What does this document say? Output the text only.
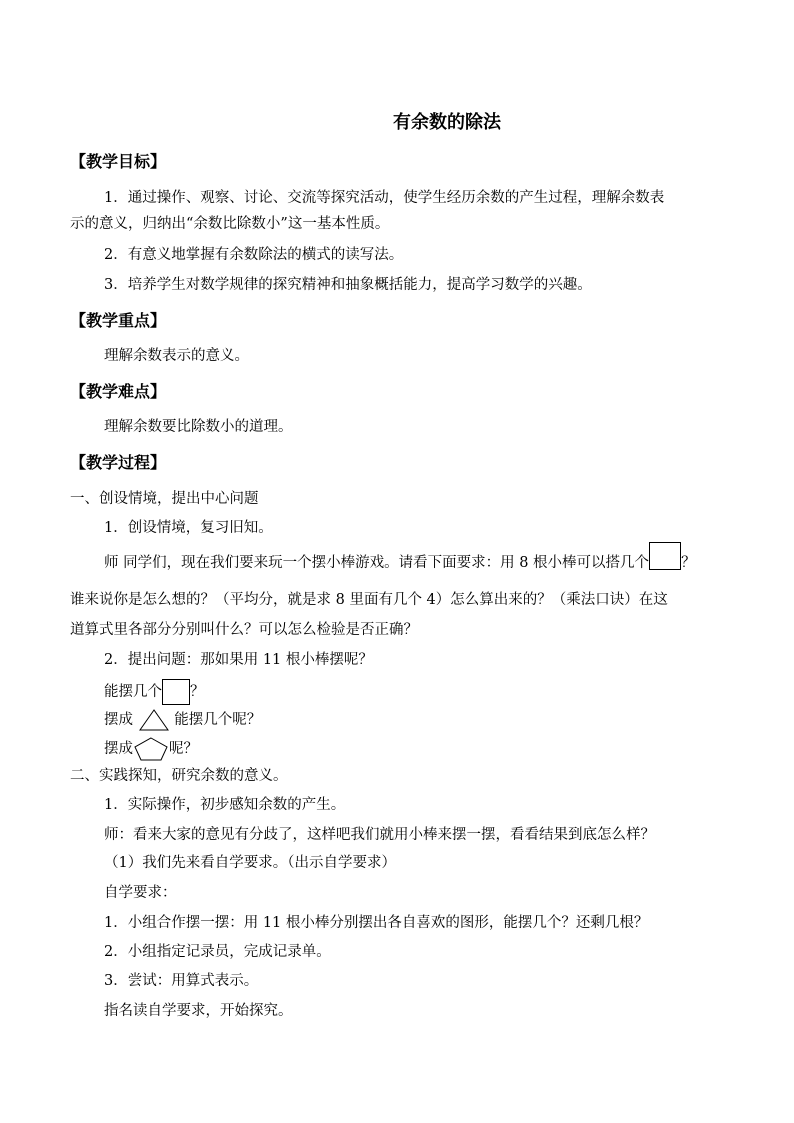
有余数的除法
【教学目标】
1．通过操作、观察、讨论、交流等探究活动，使学生经历余数的产生过程，理解余数表
示的意义，归纳出“余数比除数小”这一基本性质。
2．有意义地掌握有余数除法的横式的读写法。
3．培养学生对数学规律的探究精神和抽象概括能力，提高学习数学的兴趣。
【教学重点】
理解余数表示的意义。
【教学难点】
理解余数要比除数小的道理。
【教学过程】
一、创设情境，提出中心问题
1．创设情境，复习旧知。
师 同学们，现在我们要来玩一个摆小棒游戏。请看下面要求：用 8 根小棒可以搭几个 ？
谁来说你是怎么想的？（平均分，就是求 8 里面有几个 4）怎么算出来的？（乘法口诀）在这
道算式里各部分分别叫什么？可以怎么检验是否正确？
2．提出问题：那如果用 11 根小棒摆呢？
能摆几个 ？
摆成	能摆几个呢？
摆成 呢？
二、实践探知，研究余数的意义。
1．实际操作，初步感知余数的产生。
师：看来大家的意见有分歧了，这样吧我们就用小棒来摆一摆，看看结果到底怎么样？
（1）我们先来看自学要求。（出示自学要求）
自学要求：
1．小组合作摆一摆：用 11 根小棒分别摆出各自喜欢的图形，能摆几个？还剩几根？
2．小组指定记录员，完成记录单。
3．尝试：用算式表示。
指名读自学要求，开始探究。
